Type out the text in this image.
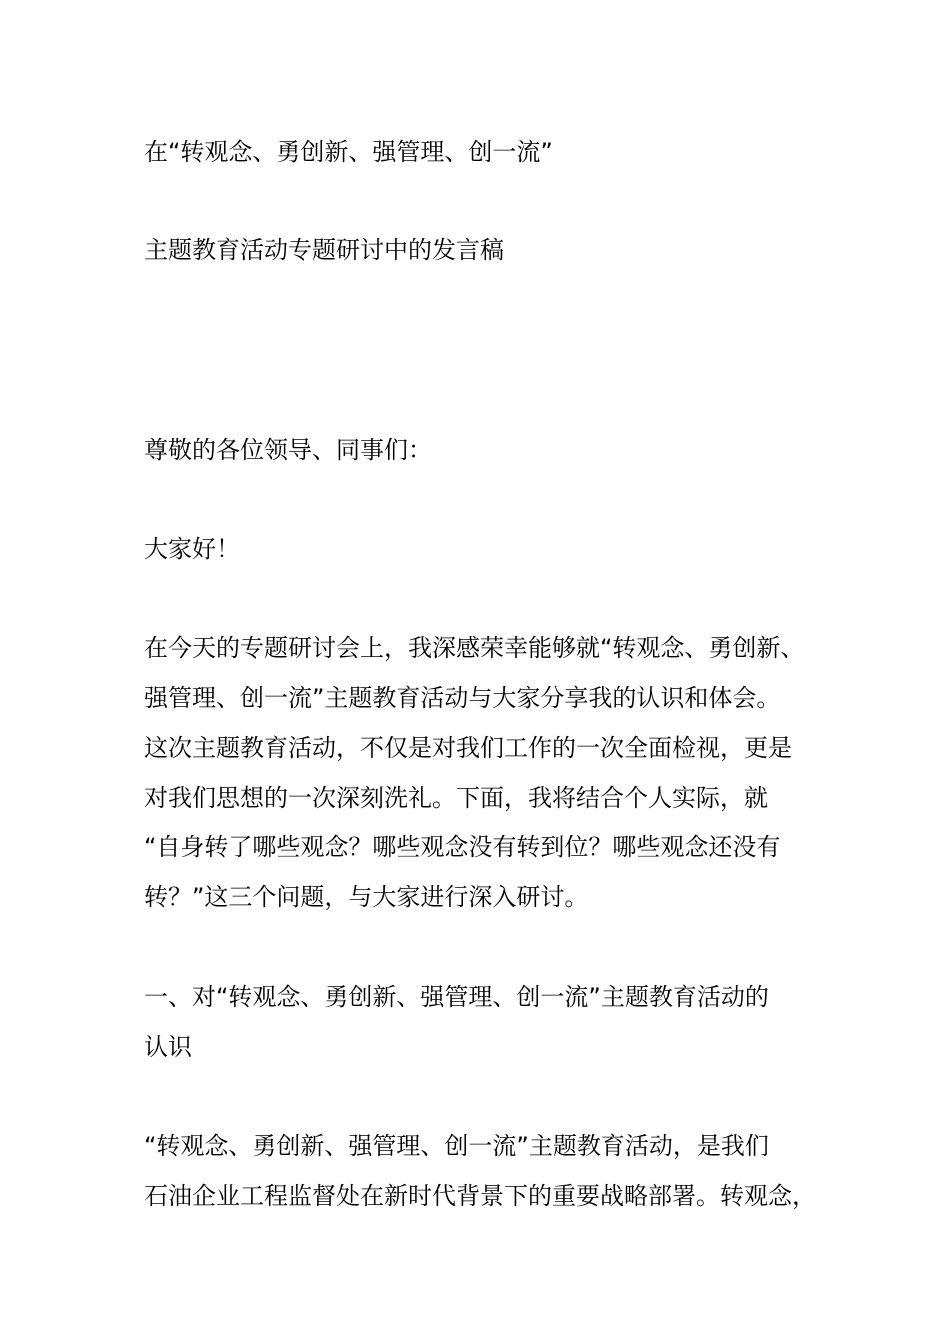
在“转观念、勇创新、强管理、创一流”
主题教育活动专题研讨中的发言稿
尊敬的各位领导、同事们：
大家好！
在今天的专题研讨会上，我深感荣幸能够就“转观念、勇创新、
强管理、创一流”主题教育活动与大家分享我的认识和体会。
这次主题教育活动，不仅是对我们工作的一次全面检视，更是
对我们思想的一次深刻洗礼。下面，我将结合个人实际，就
“自身转了哪些观念？哪些观念没有转到位？哪些观念还没有
转？”这三个问题，与大家进行深入研讨。
一、对“转观念、勇创新、强管理、创一流”主题教育活动的
认识
“转观念、勇创新、强管理、创一流”主题教育活动，是我们
石油企业工程监督处在新时代背景下的重要战略部署。转观念，
